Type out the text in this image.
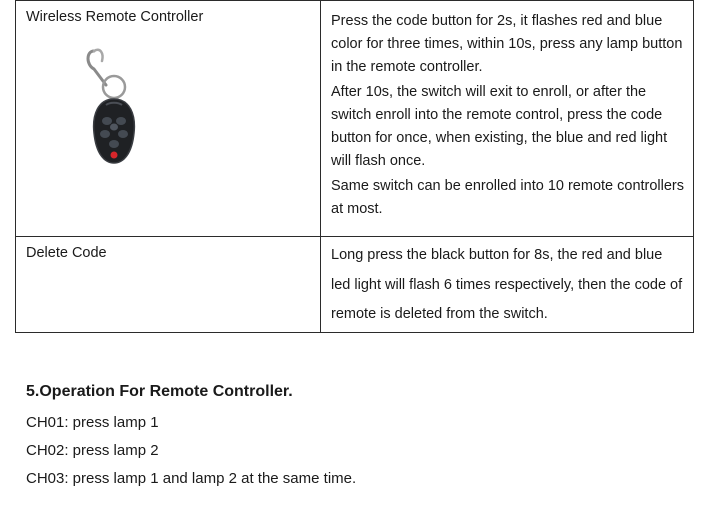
Wireless Remote Controller	Press the code button for 2s, it flashes red and blue color for three times, within 10s, press any lamp button in the remote controller.

After 10s, the switch will exit to enroll, or after the switch enroll into the remote control, press the code button for once, when existing, the blue and red light will flash once.

Same switch can be enrolled into 10 remote controllers at most.

Delete Code	Long press the black button for 8s, the red and blue led light will flash 6 times respectively, then the code of remote is deleted from the switch.

5.Operation For Remote Controller.

CH01: press lamp 1

CH02: press lamp 2

CH03: press lamp 1 and lamp 2 at the same time.
